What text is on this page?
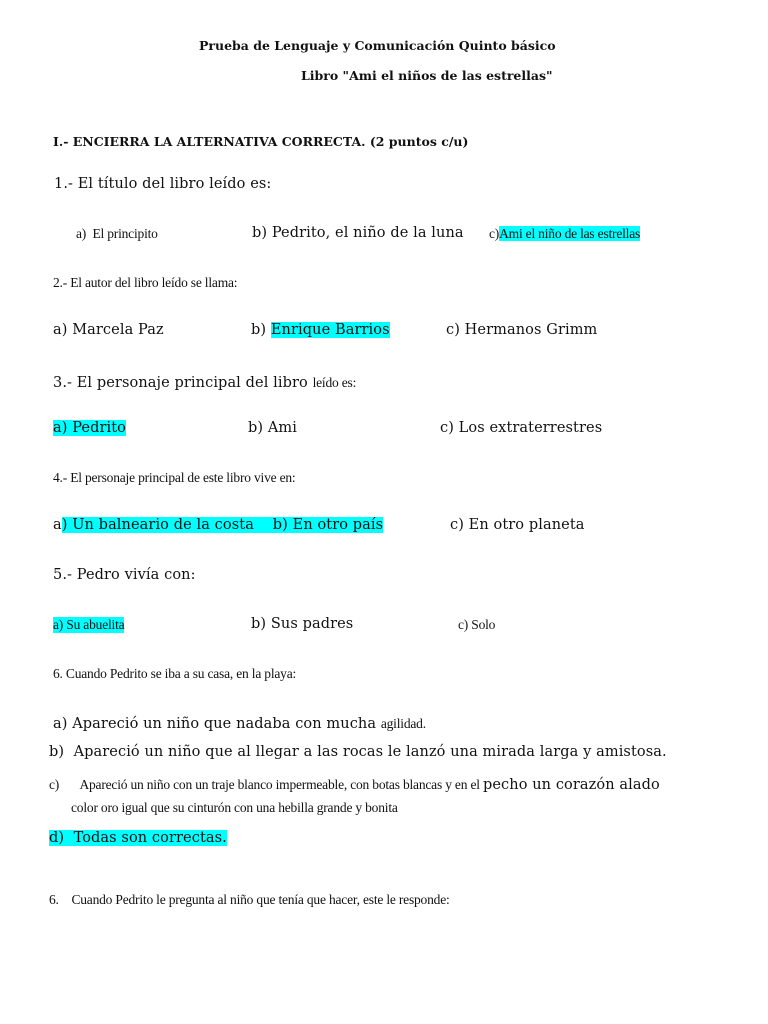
Prueba de Lenguaje y Comunicación Quinto básico
Libro "Ami el niños de las estrellas"
I.- ENCIERRA LA ALTERNATIVA CORRECTA. (2 puntos c/u)
1.- El título del libro leído es:
a) El principito	b) Pedrito, el niño de la luna c)Ami el niño de las estrellas
2.- El autor del libro leído se llama:
a) Marcela Paz	b) Enrique Barrios	c) Hermanos Grimm
3.- El personaje principal del libro leído es:
a) Pedrito	b) Ami	c) Los extraterrestres
4.- El personaje principal de este libro vive en:
a) Un balneario de la costa b) En otro país	c) En otro planeta
5.- Pedro vivía con:
a) Su abuelita	b) Sus padres	c) Solo
6. Cuando Pedrito se iba a su casa, en la playa:
a) Apareció un niño que nadaba con mucha agilidad.
b) Apareció un niño que al llegar a las rocas le lanzó una mirada larga y amistosa.
c) Apareció un niño con un traje blanco impermeable, con botas blancas y en el pecho un corazón alado
color oro igual que su cinturón con una hebilla grande y bonita
d) Todas son correctas.
6. Cuando Pedrito le pregunta al niño que tenía que hacer, este le responde:
